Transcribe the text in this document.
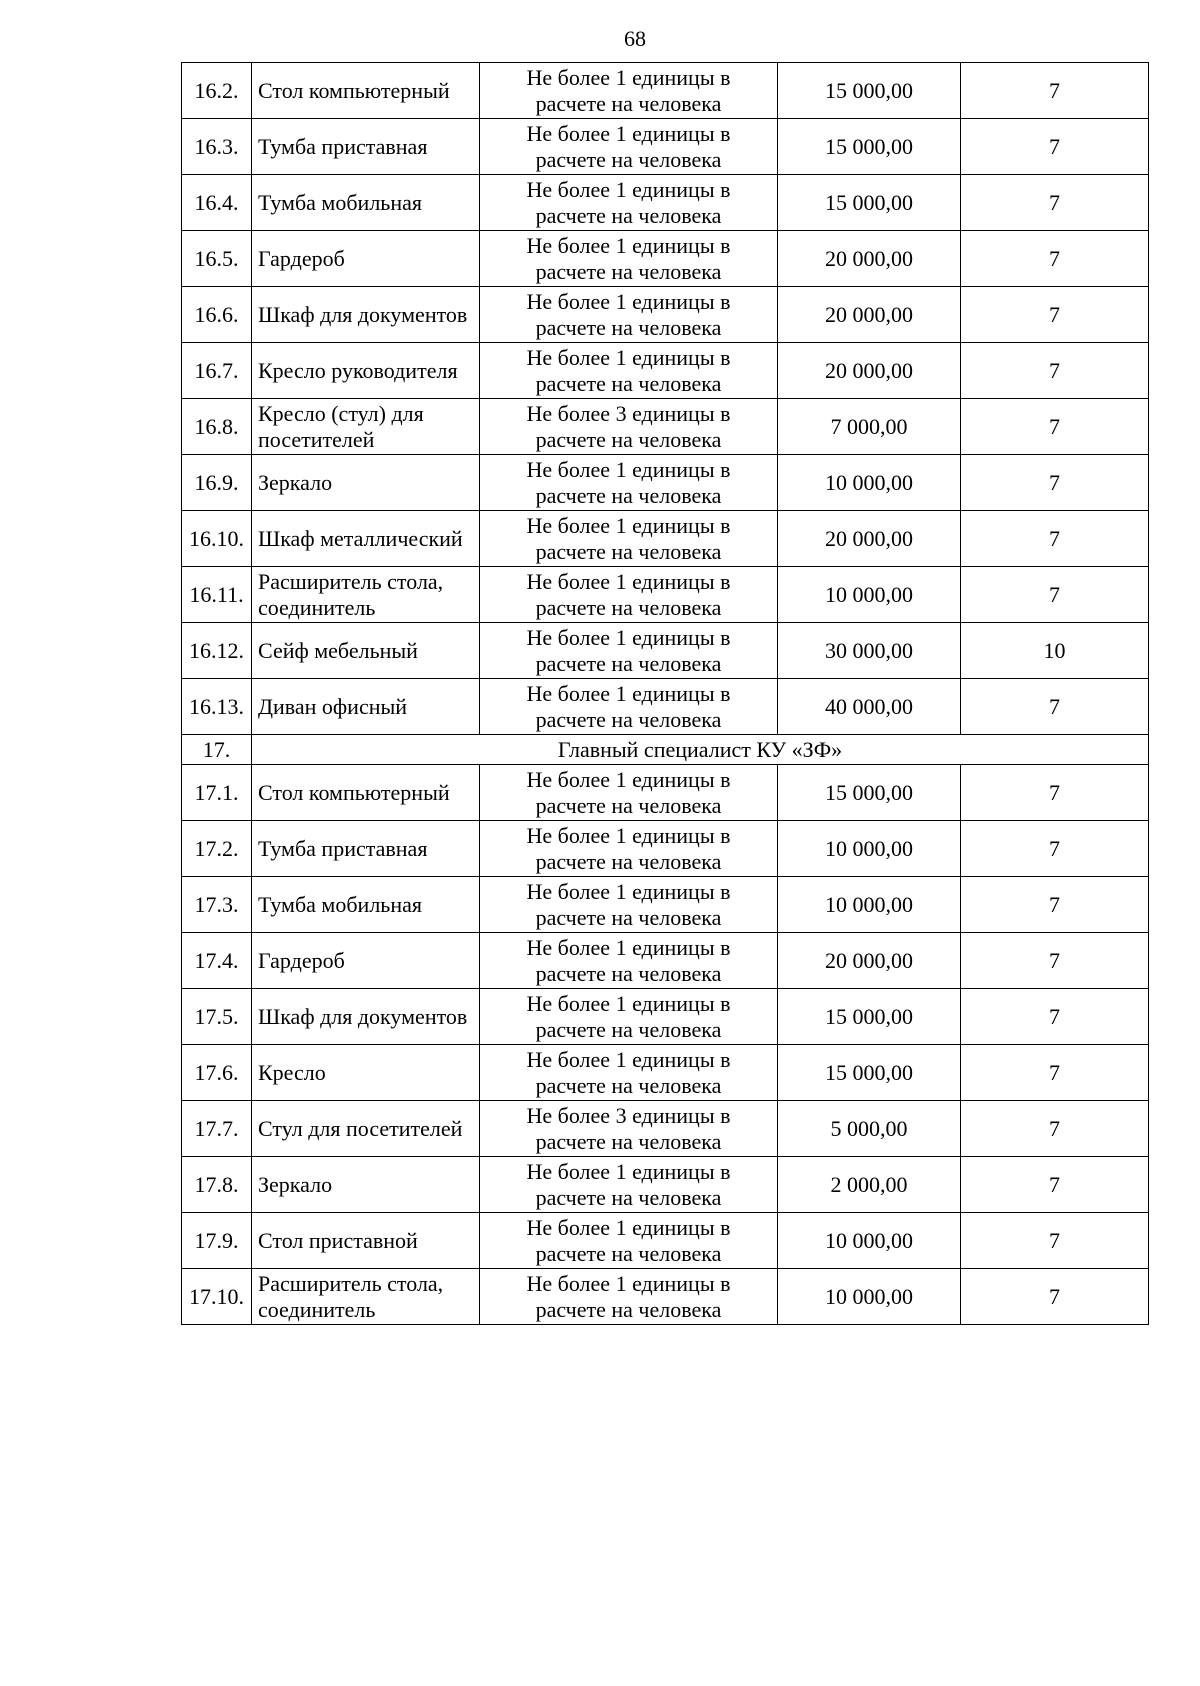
68
16.2.	Стол компьютерный	Не более 1 единицы в
расчете на человека	15 000,00	7
16.3.	Тумба приставная	Не более 1 единицы в
расчете на человека	15 000,00	7
16.4.	Тумба мобильная	Не более 1 единицы в
расчете на человека	15 000,00	7
16.5.	Гардероб	Не более 1 единицы в
расчете на человека	20 000,00	7
16.6.	Шкаф для документов	Не более 1 единицы в
расчете на человека	20 000,00	7
16.7.	Кресло руководителя	Не более 1 единицы в
расчете на человека	20 000,00	7
16.8.	Кресло (стул) для посетителей	Не более 3 единицы в
расчете на человека	7 000,00	7
16.9.	Зеркало	Не более 1 единицы в
расчете на человека	10 000,00	7
16.10.	Шкаф металлический	Не более 1 единицы в
расчете на человека	20 000,00	7
16.11.	Расширитель стола, соединитель	Не более 1 единицы в
расчете на человека	10 000,00	7
16.12.	Сейф мебельный	Не более 1 единицы в
расчете на человека	30 000,00	10
16.13.	Диван офисный	Не более 1 единицы в
расчете на человека	40 000,00	7
17.	Главный специалист КУ «ЗФ»			
17.1.	Стол компьютерный	Не более 1 единицы в
расчете на человека	15 000,00	7
17.2.	Тумба приставная	Не более 1 единицы в
расчете на человека	10 000,00	7
17.3.	Тумба мобильная	Не более 1 единицы в
расчете на человека	10 000,00	7
17.4.	Гардероб	Не более 1 единицы в
расчете на человека	20 000,00	7
17.5.	Шкаф для документов	Не более 1 единицы в
расчете на человека	15 000,00	7
17.6.	Кресло	Не более 1 единицы в
расчете на человека	15 000,00	7
17.7.	Стул для посетителей	Не более 3 единицы в
расчете на человека	5 000,00	7
17.8.	Зеркало	Не более 1 единицы в
расчете на человека	2 000,00	7
17.9.	Стол приставной	Не более 1 единицы в
расчете на человека	10 000,00	7
17.10.	Расширитель стола, соединитель	Не более 1 единицы в
расчете на человека	10 000,00	7
